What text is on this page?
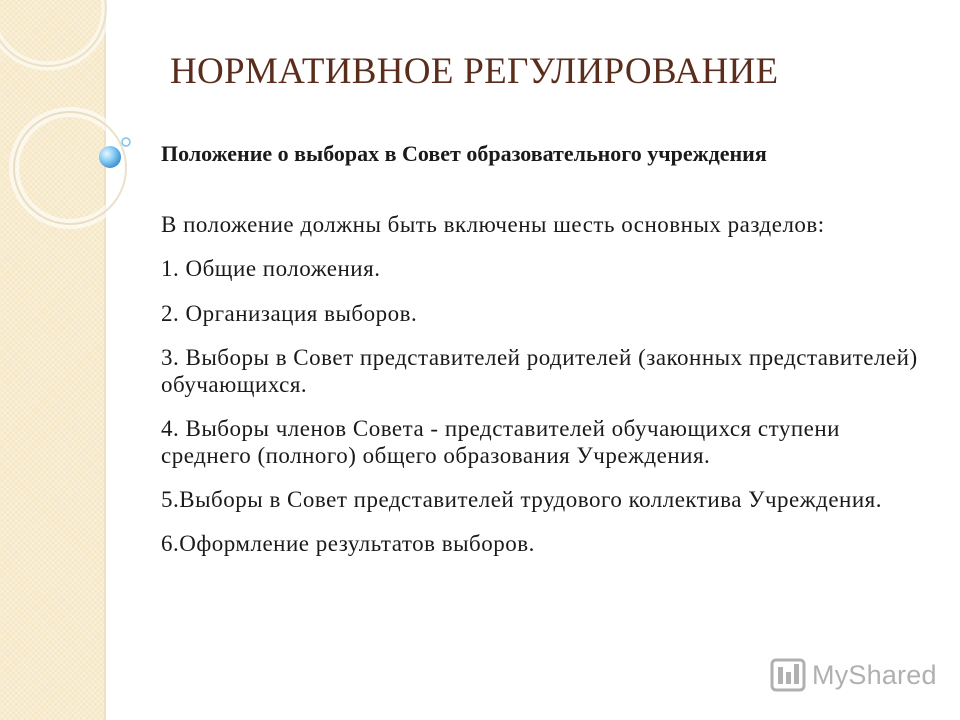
НОРМАТИВНОЕ РЕГУЛИРОВАНИЕ

Положение о выборах в Совет образовательного учреждения

В положение должны быть включены шесть основных разделов:

1. Общие положения.
2. Организация выборов.
3. Выборы в Совет представителей родителей (законных представителей) обучающихся.
4. Выборы членов Совета - представителей обучающихся ступени среднего (полного) общего образования Учреждения.
5.Выборы в Совет представителей трудового коллектива Учреждения.
6.Оформление результатов выборов.
MyShared
